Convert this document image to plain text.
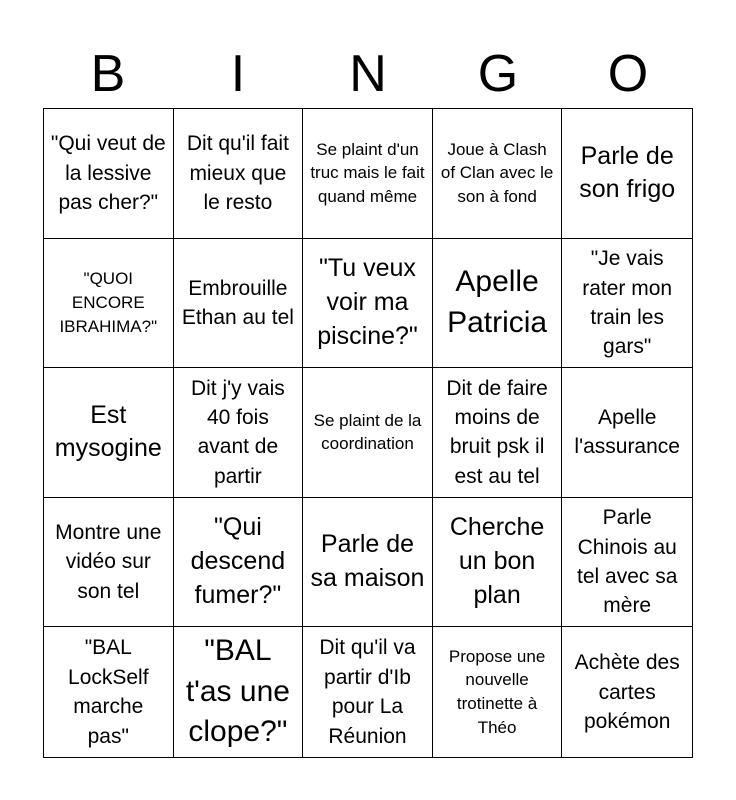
B	I	N	G	O
"Qui veut de la lessive pas cher?"
Dit qu'il fait mieux que le resto
Se plaint d'un truc mais le fait quand même
Joue à Clash of Clan avec le son à fond
Parle de son frigo
"QUOI ENCORE IBRAHIMA?"
Embrouille Ethan au tel
"Tu veux voir ma piscine?"
Apelle Patricia
"Je vais rater mon train les gars"
Est mysogine
Dit j'y vais 40 fois avant de partir
Se plaint de la coordination
Dit de faire moins de bruit psk il est au tel
Apelle l'assurance
Montre une vidéo sur son tel
"Qui descend fumer?"
Parle de sa maison
Cherche un bon plan
Parle Chinois au tel avec sa mère
"BAL LockSelf marche pas"
"BAL t'as une clope?"
Dit qu'il va partir d'Ib pour La Réunion
Propose une nouvelle trotinette à Théo
Achète des cartes pokémon
